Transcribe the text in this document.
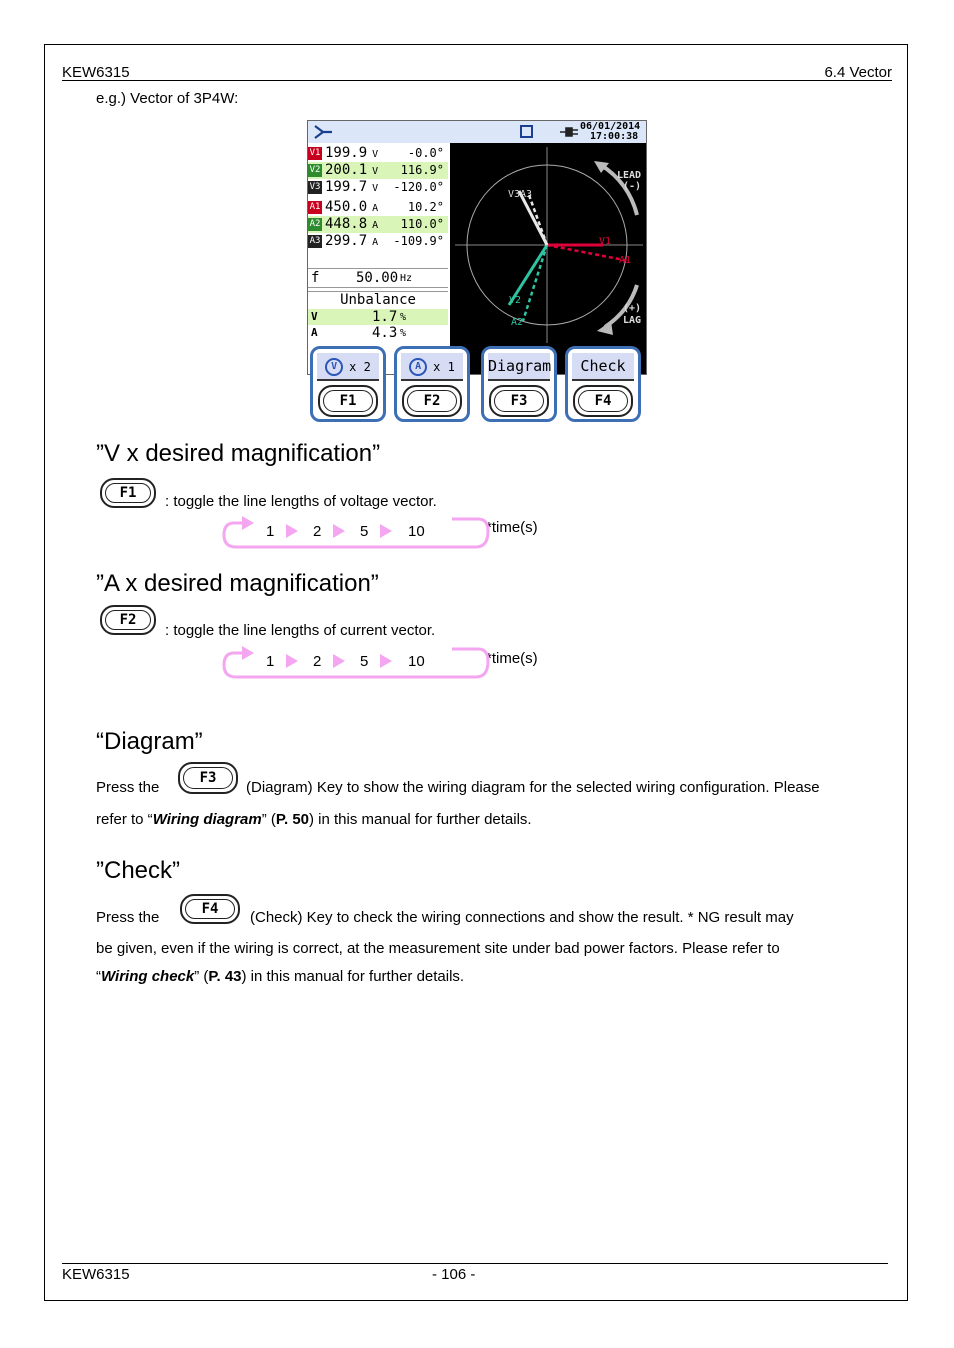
KEW6315	6.4 Vector
e.g.) Vector of 3P4W:
06/01/2014
17:00:38
V1 199.9 V -0.0°
V2 200.1 V 116.9°
V3 199.7 V -120.0°
A1 450.0 A 10.2°
A2 448.8 A 110.0°
A3 299.7 A -109.9°
f	50.00 Hz
Unbalance
V	1.7 %
A	4.3 %
LEAD
(-)
(+)
LAG
V3A3
V1
A1
V2
A2
V x 2
F1
A x 1
F2
Diagram
F3
Check
F4
”V x desired magnification”
F1	: toggle the line lengths of voltage vector.
*time(s)
1	2	5	10
”A x desired magnification”
F2
: toggle the line lengths of current vector.
*time(s)
1	2	5	10
“Diagram”
Press the
F3
(Diagram) Key to show the wiring diagram for the selected wiring configuration. Please
refer to “Wiring diagram” (P. 50) in this manual for further details.
”Check”
Press the	F4	(Check) Key to check the wiring connections and show the result. * NG result may
be given, even if the wiring is correct, at the measurement site under bad power factors. Please refer to
“Wiring check” (P. 43) in this manual for further details.
KEW6315	- 106 -
